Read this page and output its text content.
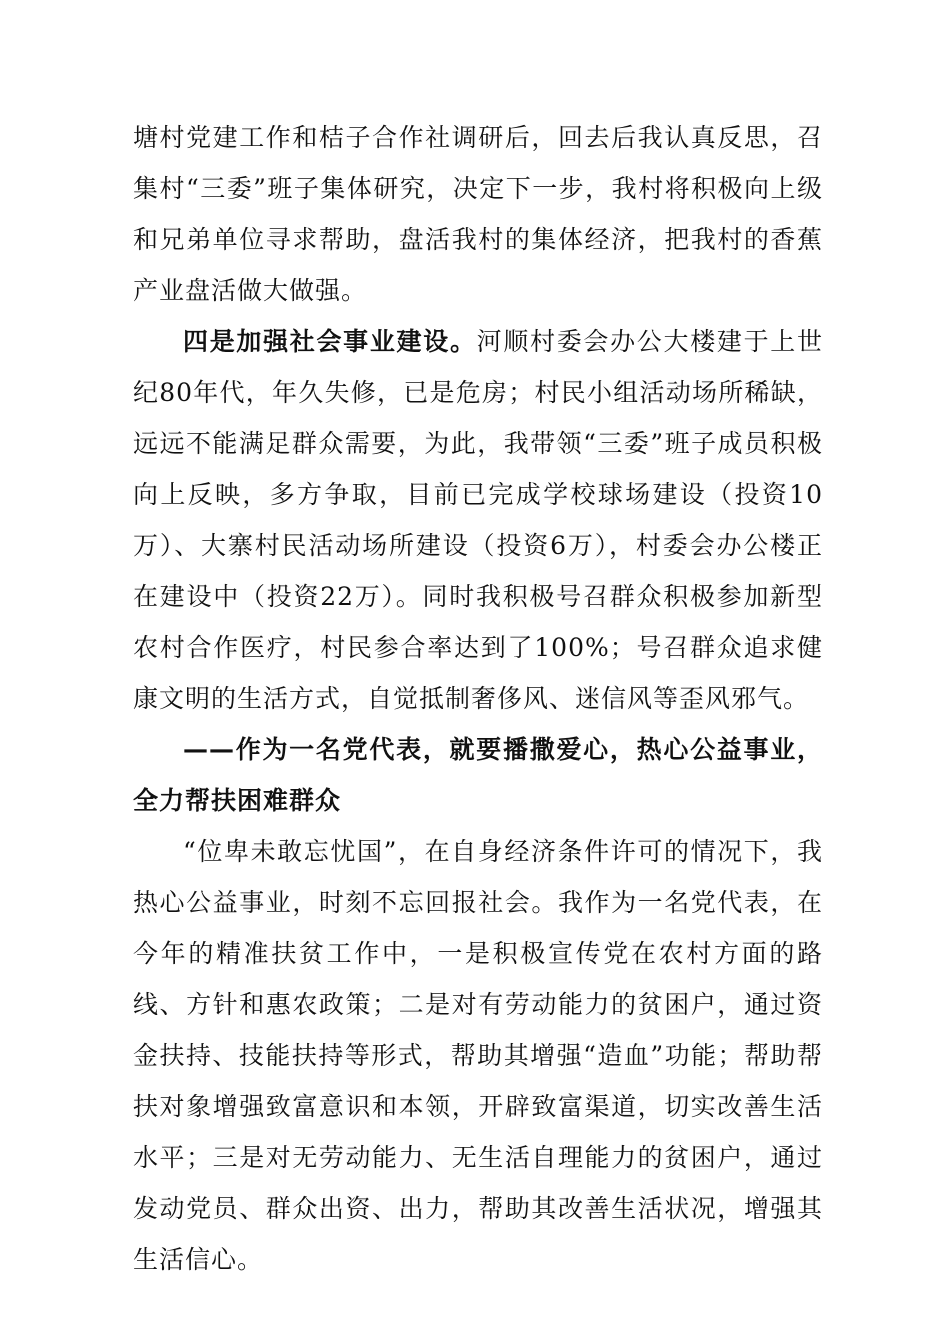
塘村党建工作和桔子合作社调研后，回去后我认真反思，召集村“三委”班子集体研究，决定下一步，我村将积极向上级和兄弟单位寻求帮助，盘活我村的集体经济，把我村的香蕉产业盘活做大做强。

四是加强社会事业建设。河顺村委会办公大楼建于上世纪80年代，年久失修，已是危房；村民小组活动场所稀缺，远远不能满足群众需要，为此，我带领“三委”班子成员积极向上反映，多方争取，目前已完成学校球场建设（投资10万）、大寨村民活动场所建设（投资6万），村委会办公楼正在建设中（投资22万）。同时我积极号召群众积极参加新型农村合作医疗，村民参合率达到了100%；号召群众追求健康文明的生活方式，自觉抵制奢侈风、迷信风等歪风邪气。

——作为一名党代表，就要播撒爱心，热心公益事业，全力帮扶困难群众

“位卑未敢忘忧国”，在自身经济条件许可的情况下，我热心公益事业，时刻不忘回报社会。我作为一名党代表，在今年的精准扶贫工作中，一是积极宣传党在农村方面的路线、方针和惠农政策；二是对有劳动能力的贫困户，通过资金扶持、技能扶持等形式，帮助其增强“造血”功能；帮助帮扶对象增强致富意识和本领，开辟致富渠道，切实改善生活水平；三是对无劳动能力、无生活自理能力的贫困户，通过发动党员、群众出资、出力，帮助其改善生活状况，增强其生活信心。
